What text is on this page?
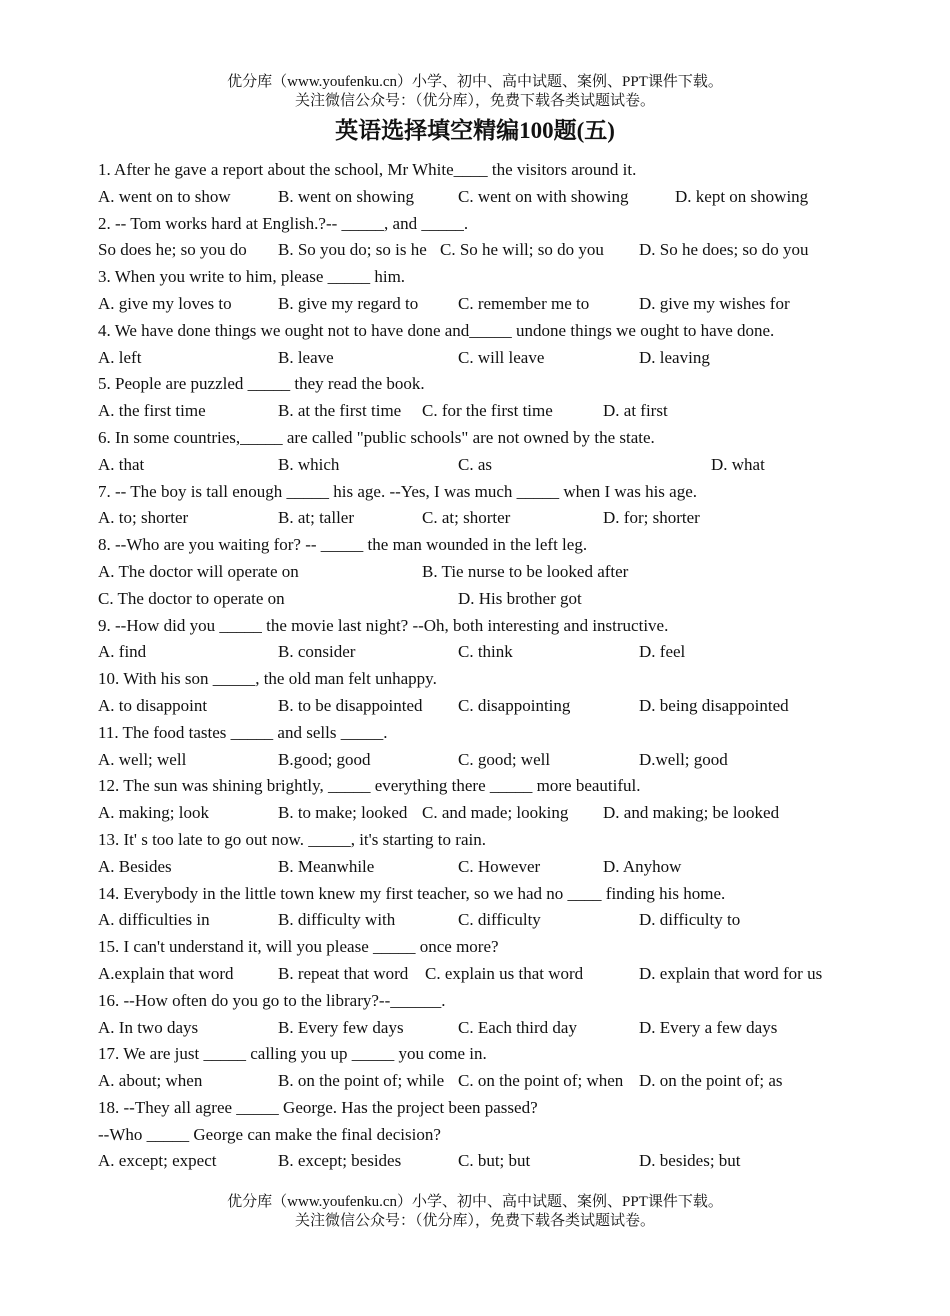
优分库（www.youfenku.cn）小学、初中、高中试题、案例、PPT课件下载。
关注微信公众号：（优分库），免费下载各类试题试卷。
英语选择填空精编100题(五)
1. After he gave a report about the school, Mr White____ the visitors around it.
A. went on to show	B. went on showing	C. went on with showing	D. kept on showing
2. -- Tom works hard at English.?-- _____, and _____.
So does he; so you do B. So you do; so is he C. So he will; so do you D. So he does; so do you
3. When you write to him, please _____ him.
A. give my loves to	B. give my regard to C. remember me to	D. give my wishes for
4. We have done things we ought not to have done and_____ undone things we ought to have done.
A. left	B. leave	C. will leave	D. leaving
5. People are puzzled _____ they read the book.
A. the first time	B. at the first time C. for the first time	D. at first
6. In some countries,_____ are called "public schools" are not owned by the state.
A. that	B. which	C. as	D. what
7. -- The boy is tall enough _____ his age. --Yes, I was much _____ when I was his age.
A. to; shorter	B. at; taller	C. at; shorter	D. for; shorter
8. --Who are you waiting for? -- _____ the man wounded in the left leg.
A. The doctor will operate on	B. Tie nurse to be looked after
C. The doctor to operate on	D. His brother got
9. --How did you _____ the movie last night? --Oh, both interesting and instructive.
A. find	B. consider	C. think	D. feel
10. With his son _____, the old man felt unhappy.
A. to disappoint	B. to be disappointed C. disappointing	D. being disappointed
11. The food tastes _____ and sells _____.
A. well; well	B.good; good	C. good; well	D.well; good
12. The sun was shining brightly, _____ everything there _____ more beautiful.
A. making; look	B. to make; looked C. and made; looking D. and making; be looked
13. It' s too late to go out now. _____, it's starting to rain.
A. Besides	B. Meanwhile	C. However	D. Anyhow
14. Everybody in the little town knew my first teacher, so we had no ____ finding his home.
A. difficulties in	B. difficulty with	C. difficulty	D. difficulty to
15. I can't understand it, will you please _____ once more?
A.explain that word	B. repeat that word C. explain us that word	D. explain that word for us
16. --How often do you go to the library?--______.
A. In two days	B. Every few days	C. Each third day	D. Every a few days
17. We are just _____ calling you up _____ you come in.
A. about; when	B. on the point of; while C. on the point of; when D. on the point of; as
18. --They all agree _____ George. Has the project been passed?
--Who _____ George can make the final decision?
A. except; expect	B. except; besides	C. but; but	D. besides; but
优分库（www.youfenku.cn）小学、初中、高中试题、案例、PPT课件下载。
关注微信公众号：（优分库），免费下载各类试题试卷。
